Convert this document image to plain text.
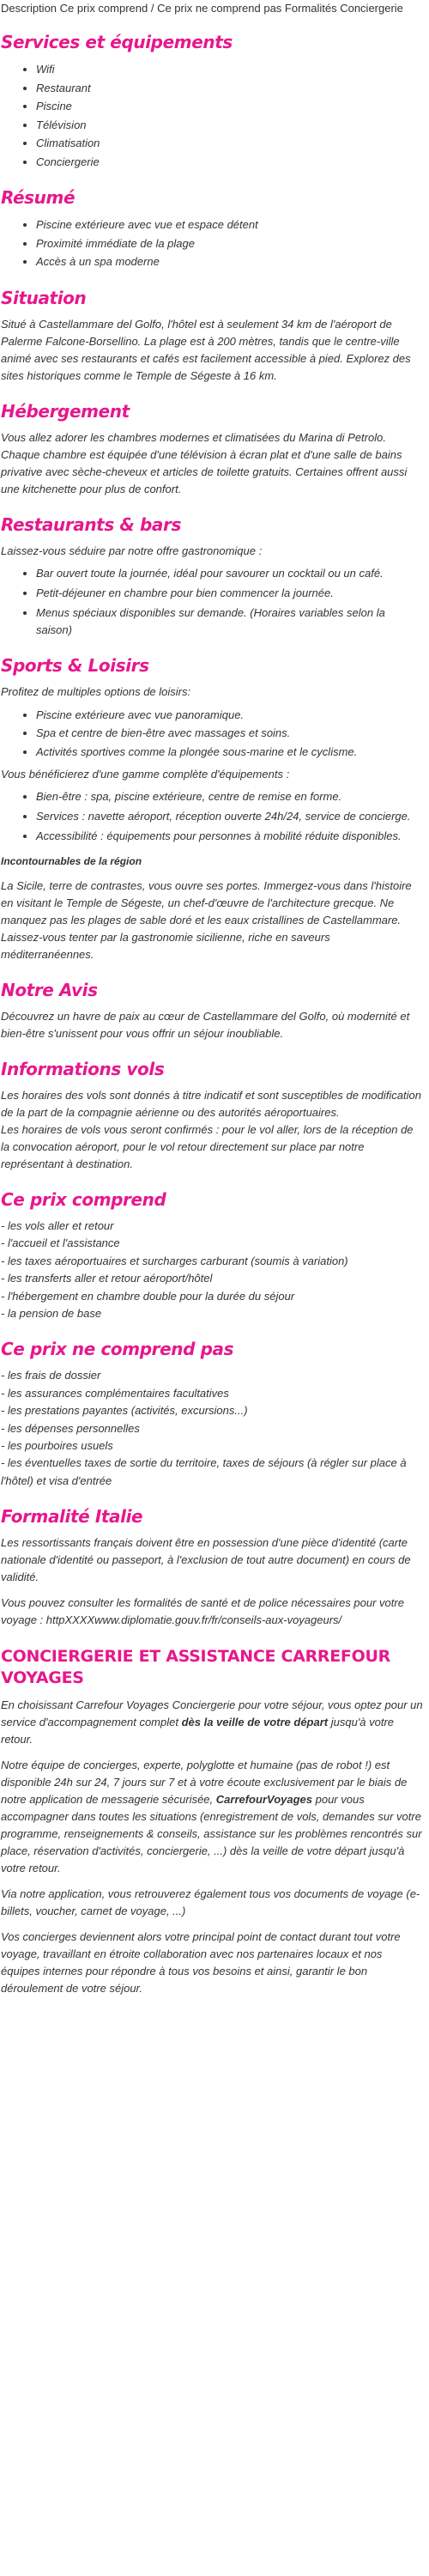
Description Ce prix comprend / Ce prix ne comprend pas Formalités Conciergerie

Services et équipements
• Wifi
• Restaurant
• Piscine
• Télévision
• Climatisation
• Conciergerie
Résumé
• Piscine extérieure avec vue et espace détent
• Proximité immédiate de la plage
• Accès à un spa moderne
Situation

Situé à Castellammare del Golfo, l'hôtel est à seulement 34 km de l'aéroport de Palerme Falcone-Borsellino. La plage est à 200 mètres, tandis que le centre-ville animé avec ses restaurants et cafés est facilement accessible à pied. Explorez des sites historiques comme le Temple de Ségeste à 16 km.

Hébergement

Vous allez adorer les chambres modernes et climatisées du Marina di Petrolo. Chaque chambre est équipée d'une télévision à écran plat et d'une salle de bains privative avec sèche-cheveux et articles de toilette gratuits. Certaines offrent aussi une kitchenette pour plus de confort.

Restaurants & bars

Laissez-vous séduire par notre offre gastronomique :

• Bar ouvert toute la journée, idéal pour savourer un cocktail ou un café.
• Petit-déjeuner en chambre pour bien commencer la journée.
• Menus spéciaux disponibles sur demande. (Horaires variables selon la saison)
Sports & Loisirs

Profitez de multiples options de loisirs:

• Piscine extérieure avec vue panoramique.
• Spa et centre de bien-être avec massages et soins.
• Activités sportives comme la plongée sous-marine et le cyclisme.

Vous bénéficierez d'une gamme complète d'équipements :

• Bien-être : spa, piscine extérieure, centre de remise en forme.
• Services : navette aéroport, réception ouverte 24h/24, service de concierge.
• Accessibilité : équipements pour personnes à mobilité réduite disponibles.
Incontournables de la région

La Sicile, terre de contrastes, vous ouvre ses portes. Immergez-vous dans l'histoire en visitant le Temple de Ségeste, un chef-d'œuvre de l'architecture grecque. Ne manquez pas les plages de sable doré et les eaux cristallines de Castellammare. Laissez-vous tenter par la gastronomie sicilienne, riche en saveurs méditerranéennes.

Notre Avis

Découvrez un havre de paix au cœur de Castellammare del Golfo, où modernité et bien-être s'unissent pour vous offrir un séjour inoubliable.

Informations vols

Les horaires des vols sont donnés à titre indicatif et sont susceptibles de modification de la part de la compagnie aérienne ou des autorités aéroportuaires.

Les horaires de vols vous seront confirmés : pour le vol aller, lors de la réception de la convocation aéroport, pour le vol retour directement sur place par notre représentant à destination.

Ce prix comprend
- les vols aller et retour
- l'accueil et l'assistance
- les taxes aéroportuaires et surcharges carburant (soumis à variation)
- les transferts aller et retour aéroport/hôtel
- l'hébergement en chambre double pour la durée du séjour
- la pension de base
Ce prix ne comprend pas
- les frais de dossier
- les assurances complémentaires facultatives
- les prestations payantes (activités, excursions...)
- les dépenses personnelles
- les pourboires usuels
- les éventuelles taxes de sortie du territoire, taxes de séjours (à régler sur place à l'hôtel) et visa d'entrée
Formalité Italie

Les ressortissants français doivent être en possession d'une pièce d'identité (carte nationale d'identité ou passeport, à l'exclusion de tout autre document) en cours de validité.

Vous pouvez consulter les formalités de santé et de police nécessaires pour votre voyage : httpXXXXwww.diplomatie.gouv.fr/fr/conseils-aux-voyageurs/

CONCIERGERIE ET ASSISTANCE CARREFOUR VOYAGES

En choisissant Carrefour Voyages Conciergerie pour votre séjour, vous optez pour un service d'accompagnement complet dès la veille de votre départ jusqu'à votre retour.

Notre équipe de concierges, experte, polyglotte et humaine (pas de robot !) est disponible 24h sur 24, 7 jours sur 7 et à votre écoute exclusivement par le biais de notre application de messagerie sécurisée, CarrefourVoyages pour vous accompagner dans toutes les situations (enregistrement de vols, demandes sur votre programme, renseignements & conseils, assistance sur les problèmes rencontrés sur place, réservation d'activités, conciergerie, ...) dès la veille de votre départ jusqu'à votre retour.

Via notre application, vous retrouverez également tous vos documents de voyage (e-billets, voucher, carnet de voyage, ...)

Vos concierges deviennent alors votre principal point de contact durant tout votre voyage, travaillant en étroite collaboration avec nos partenaires locaux et nos équipes internes pour répondre à tous vos besoins et ainsi, garantir le bon déroulement de votre séjour.
